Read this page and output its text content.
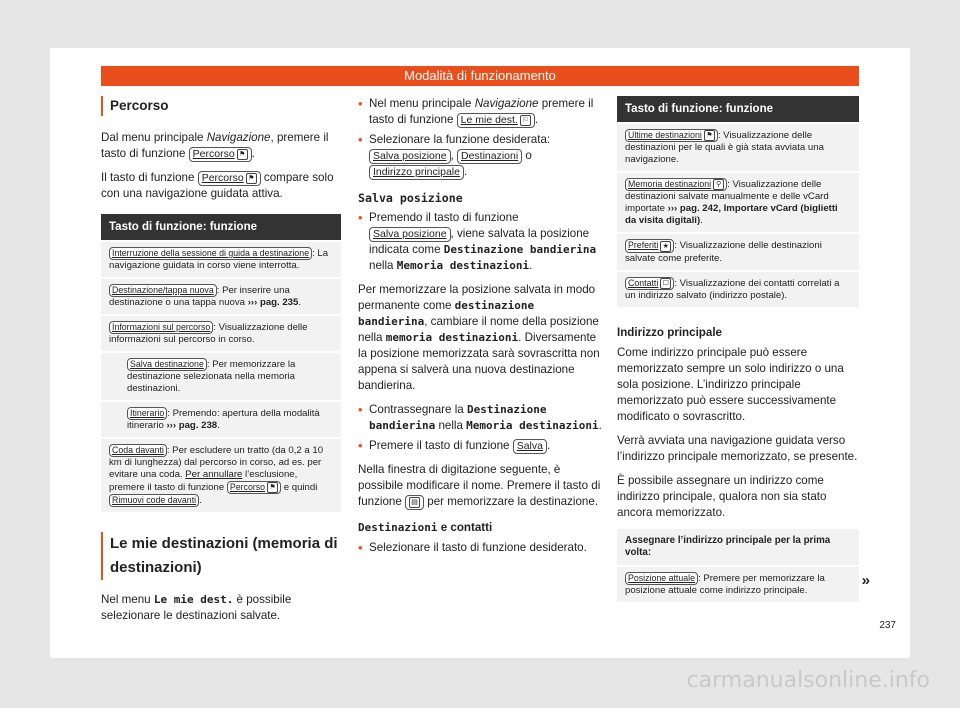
Modalità di funzionamento
Percorso

Dal menu principale Navigazione, premere il tasto di funzione Percorso ⚑ .

Il tasto di funzione Percorso ⚑ compare solo con una navigazione guidata attiva.

Tasto di funzione: funzione
Interruzione della sessione di guida a destinazione : La navigazione guidata in corso viene interrotta.
Destinazione/tappa nuova : Per inserire una destinazione o una tappa nuova ››› pag. 235.
Informazioni sul percorso : Visualizzazione delle informazioni sul percorso in corso.
Salva destinazione : Per memorizzare la destinazione selezionata nella memoria destinazioni.
Itinerario : Premendo: apertura della modalità itinerario ››› pag. 238.
Coda davanti : Per escludere un tratto (da 0,2 a 10 km di lunghezza) dal percorso in corso, ad es. per evitare una coda. Per annullare l’esclusione, premere il tasto di funzione Percorso ⚑ e quindi Rimuovi code davanti .
Le mie destinazioni (memoria di destinazioni)

Nel menu Le mie dest. è possibile selezionare le destinazioni salvate.

• Nel menu principale Navigazione premere il tasto di funzione Le mie dest. ⚐ .
• Selezionare la funzione desiderata:
Salva posizione , Destinazioni o Indirizzo principale .
Salva posizione
• Premendo il tasto di funzione Salva posizione , viene salvata la posizione indicata come Destinazione bandierina nella Memoria destinazioni.

Per memorizzare la posizione salvata in modo permanente come destinazione bandierina, cambiare il nome della posizione nella memoria destinazioni. Diversamente la posizione memorizzata sarà sovrascritta non appena si salverà una nuova destinazione bandierina.

• Contrassegnare la Destinazione bandierina nella Memoria destinazioni.
• Premere il tasto di funzione Salva .

Nella finestra di digitazione seguente, è possibile modificare il nome. Premere il tasto di funzione ▤ per memorizzare la destinazione.

Destinazioni e contatti
• Selezionare il tasto di funzione desiderato.
Tasto di funzione: funzione
Ultime destinazioni ⚑ : Visualizzazione delle destinazioni per le quali è già stata avviata una navigazione.
Memoria destinazioni ⚲ : Visualizzazione delle destinazioni salvate manualmente e delle vCard importate ››› pag. 242, Importare vCard (biglietti da visita digitali).
Preferiti ★ : Visualizzazione delle destinazioni salvate come preferite.
Contatti ☐ : Visualizzazione dei contatti correlati a un indirizzo salvato (indirizzo postale).
Indirizzo principale

Come indirizzo principale può essere memorizzato sempre un solo indirizzo o una sola posizione. L’indirizzo principale memorizzato può essere successivamente modificato o sovrascritto.

Verrà avviata una navigazione guidata verso l’indirizzo principale memorizzato, se presente.

È possibile assegnare un indirizzo come indirizzo principale, qualora non sia stato ancora memorizzato.

Assegnare l’indirizzo principale per la prima volta:
Posizione attuale : Premere per memorizzare la posizione attuale come indirizzo principale.
»
237
carmanualsonline.info
